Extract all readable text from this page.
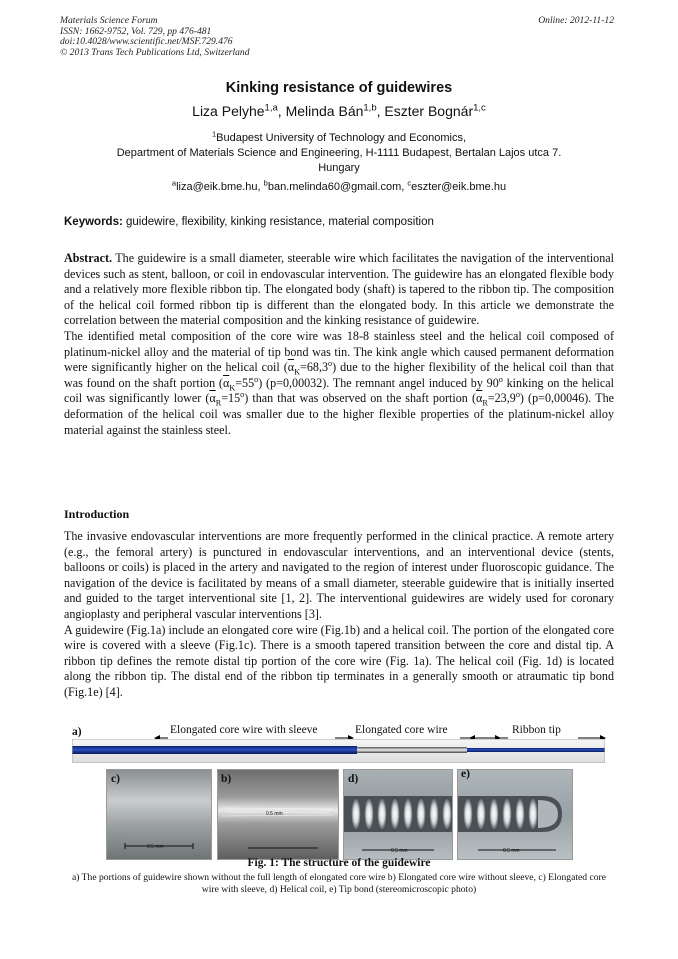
Materials Science Forum
ISSN: 1662-9752, Vol. 729, pp 476-481
doi:10.4028/www.scientific.net/MSF.729.476
© 2013 Trans Tech Publications Ltd, Switzerland
Online: 2012-11-12
Kinking resistance of guidewires
Liza Pelyhe$^{1,a}$, Melinda Bán$^{1,b}$, Eszter Bognár$^{1,c}$
$^1$Budapest University of Technology and Economics,
Department of Materials Science and Engineering, H-1111 Budapest, Bertalan Lajos utca 7.
Hungary
$^a$liza@eik.bme.hu, $^b$ban.melinda60@gmail.com, $^c$eszter@eik.bme.hu
Keywords: guidewire, flexibility, kinking resistance, material composition

Abstract. The guidewire is a small diameter, steerable wire which facilitates the navigation of the interventional devices such as stent, balloon, or coil in endovascular intervention. The guidewire has an elongated flexible body and a relatively more flexible ribbon tip. The elongated body (shaft) is tapered to the ribbon tip. The composition of the helical coil formed ribbon tip is different than the elongated body. In this article we demonstrate the correlation between the material composition and the kinking resistance of guidewire.

The identified metal composition of the core wire was 18-8 stainless steel and the helical coil composed of platinum-nickel alloy and the material of tip bond was tin. The kink angle which caused permanent deformation were significantly higher on the helical coil $(\overline{\alpha}_K=68,3^o)$ due to the higher flexibility of the helical coil than that was found on the shaft portion $(\overline{\alpha}_K=55^o)$ (p=0,00032). The remnant angel induced by 90$^o$ kinking on the helical coil was significantly lower $(\overline{\alpha}_R=15^o)$ than that was observed on the shaft portion $(\overline{\alpha}_R=23,9^o)$ (p=0,00046). The deformation of the helical coil was smaller due to the higher flexible properties of the platinum-nickel alloy material against the stainless steel.

Introduction

The invasive endovascular interventions are more frequently performed in the clinical practice. A remote artery (e.g., the femoral artery) is punctured in endovascular interventions, and an interventional device (stents, balloons or coils) is placed in the artery and navigated to the region of interest under fluoroscopic guidance. The navigation of the device is facilitated by means of a small diameter, steerable guidewire that is initially inserted and guided to the target interventional site [1, 2]. The interventional guidewires are widely used for coronary angioplasty and peripheral vascular interventions [3].

A guidewire (Fig.1a) include an elongated core wire (Fig.1b) and a helical coil. The portion of the elongated core wire is covered with a sleeve (Fig.1c). There is a smooth tapered transition between the core and distal tip. A ribbon tip defines the remote distal tip portion of the core wire (Fig. 1a). The helical coil (Fig. 1d) is located along the ribbon tip. The distal end of the ribbon tip terminates in a generally smooth or atraumatic tip bond (Fig.1e) [4].

a)	Elongated core wire with sleeve	Elongated core wire	Ribbon tip
c)
0.5 mm
b)
0.5 mm
d)
0.5 mm
e)
0.5 mm
Fig. 1: The structure of the guidewire
a) The portions of guidewire shown without the full length of elongated core wire b) Elongated core wire without sleeve, c) Elongated core wire with sleeve, d) Helical coil, e) Tip bond (stereomicroscopic photo)
